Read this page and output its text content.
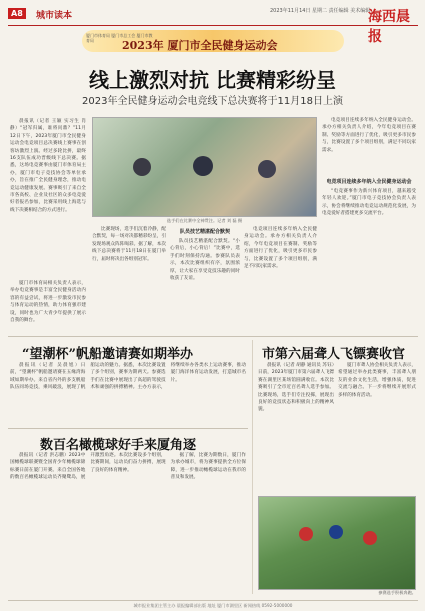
A8	城市读本	2023年11月14日 星期二 责任编辑 美术编辑
海西晨报
厦门市体育局 厦门市总工会 厦门市教育局	2023年 厦门市全民健身运动会
线上激烈对抗 比赛精彩纷呈
2023年全民健身运动会电竞线下总决赛将于11月18日上演

晨报讯（记者 王颖 实习生 肖静）“冠军归属，谁将问鼎？”11月12日下午，2023年厦门市全民健身运动会电竞项目总决赛线上赛事在创客坊激烈上演。经过多轮比拼，最终16支队伍成功晋级线下总决赛。据悉，这场电竞赛事由厦门市体育局主办，厦门市电子竞技协会等单位承办，旨在推广全民健身理念，推动电竞运动健康发展。赛事吸引了来自全市各高校、企业及社区的众多电竞爱好者报名参加，比赛采用线上海选与线下决赛相结合的方式进行。

厦门市体育局相关负责人表示，举办电竞赛事是丰富全民健身活动内容的有益尝试，将进一步激发市民参与体育运动的热情，助力体育强市建设，同时也为广大青少年提供了展示自我的舞台。

选手们在比赛中全神贯注。记者 刘 磊 摄

比赛现场，选手们沉着冷静，配合默契，每一场对决都精彩纷呈，引发现场观众阵阵喝彩。据了解，本次线下总决赛将于11月18日在厦门举行，届时将决出各组别冠军。

队员技艺精湛配合默契

队员技艺精湛配合默契。“小心背后，小心背后！”比赛中，选手们时刻保持沟通。参赛队员表示，本次比赛组织有序，氛围浓厚，让大家在享受竞技乐趣的同时收获了友谊。

电竞项目连续多年纳入全民健身运动会。承办方相关负责人介绍，今年电竞项目在赛制、奖励等方面进行了优化，吸引更多市民参与，比赛设置了多个项目组别，满足不同玩家需求。

电竞项目连续多年纳入全民健身运动会

电竞项目连续多年纳入全民健身运动会。承办方相关负责人介绍，今年电竞项目在赛制、奖励等方面进行了优化，吸引更多市民参与，比赛设置了多个项目组别，满足不同玩家需求。

“电竞赛事作为新兴体育项目，越来越受年轻人欢迎。”厦门市电子竞技协会负责人表示，协会将继续推动电竞运动规范化发展，为电竞爱好者搭建更多交流平台。

“望潮杯”帆船邀请赛如期举办

晨报讯（记者 吴晨旭）日前，“望潮杯”帆船邀请赛在五缘湾海域如期举办。来自省内外的多支帆船队伍同场竞技，乘风破浪，展现了帆船运动的魅力。据悉，本次比赛设置了多个组别，赛事为期两天。参赛选手们在比赛中展现出了高超的驾驶技术和顽强的拼搏精神。主办方表示，将继续举办各类水上运动赛事，推动厦门海洋体育运动发展，打造城市名片。

市第六届聋人飞镖赛收官

晨报讯（记者 胡静 通讯员 苏钰）日前，2023年厦门市第六届聋人飞镖赛在湖里区某场馆圆满收官。本次比赛吸引了全市近百名聋人选手参加。比赛现场，选手们专注投掷，展现出良好的竞技状态和积极向上的精神风貌。

厦门市聋人协会相关负责人表示，希望通过举办此类赛事，丰富聋人朋友的业余文化生活，增强体质，促进交流与融合。下一步将继续开展形式多样的体育活动。

数百名橄榄球好手来厦角逐

晨报讯（记者 洪志鹏）2023中国橄榄球联赛暨全国青少年橄榄球锦标赛日前在厦门开赛。来自全国各地的数百名橄榄球运动员齐聚鹭岛，展开激烈角逐。本次比赛设多个组别，比赛期间，运动员们奋力拼搏，展现了良好的体育精神。

据了解，比赛为期数日，厦门作为承办城市，将为赛事提供全方位保障，进一步推动橄榄球运动在我市的普及和发展。

参赛选手积极奔跑。
城市报业集团主管主办 晨报编辑部出版 地址 厦门市湖里区 新闻热线 0592-5000000
